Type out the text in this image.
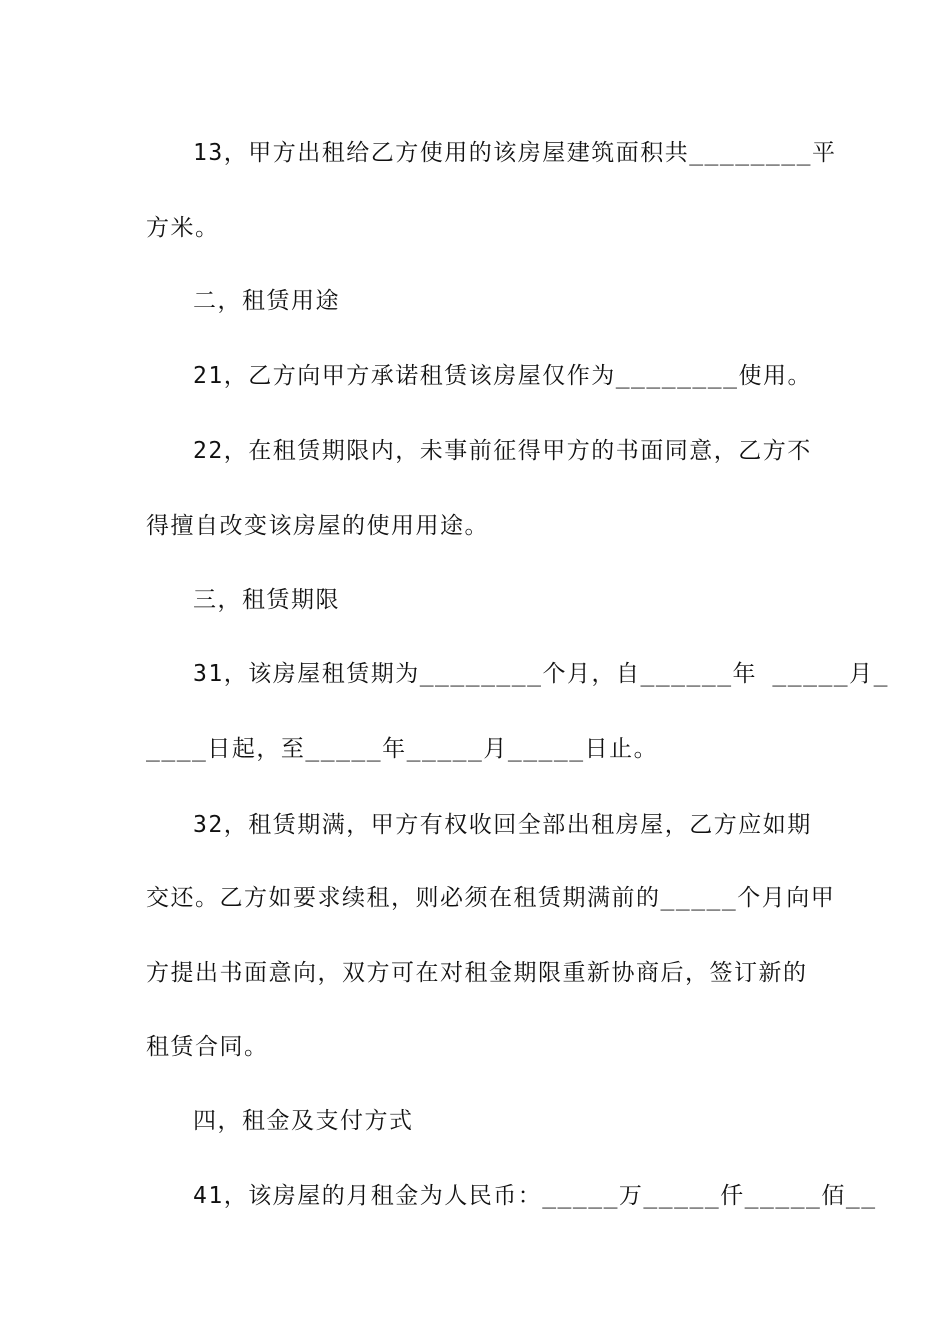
13，甲方出租给乙方使用的该房屋建筑面积共________平
方米。
二，租赁用途
21，乙方向甲方承诺租赁该房屋仅作为________使用。
22，在租赁期限内，未事前征得甲方的书面同意，乙方不
得擅自改变该房屋的使用用途。
三，租赁期限
31，该房屋租赁期为________个月，自______年 _____月_
____日起，至_____年_____月_____日止。
32，租赁期满，甲方有权收回全部出租房屋，乙方应如期
交还。乙方如要求续租，则必须在租赁期满前的_____个月向甲
方提出书面意向，双方可在对租金期限重新协商后，签订新的
租赁合同。
四，租金及支付方式
41，该房屋的月租金为人民币：_____万_____仟_____佰__
